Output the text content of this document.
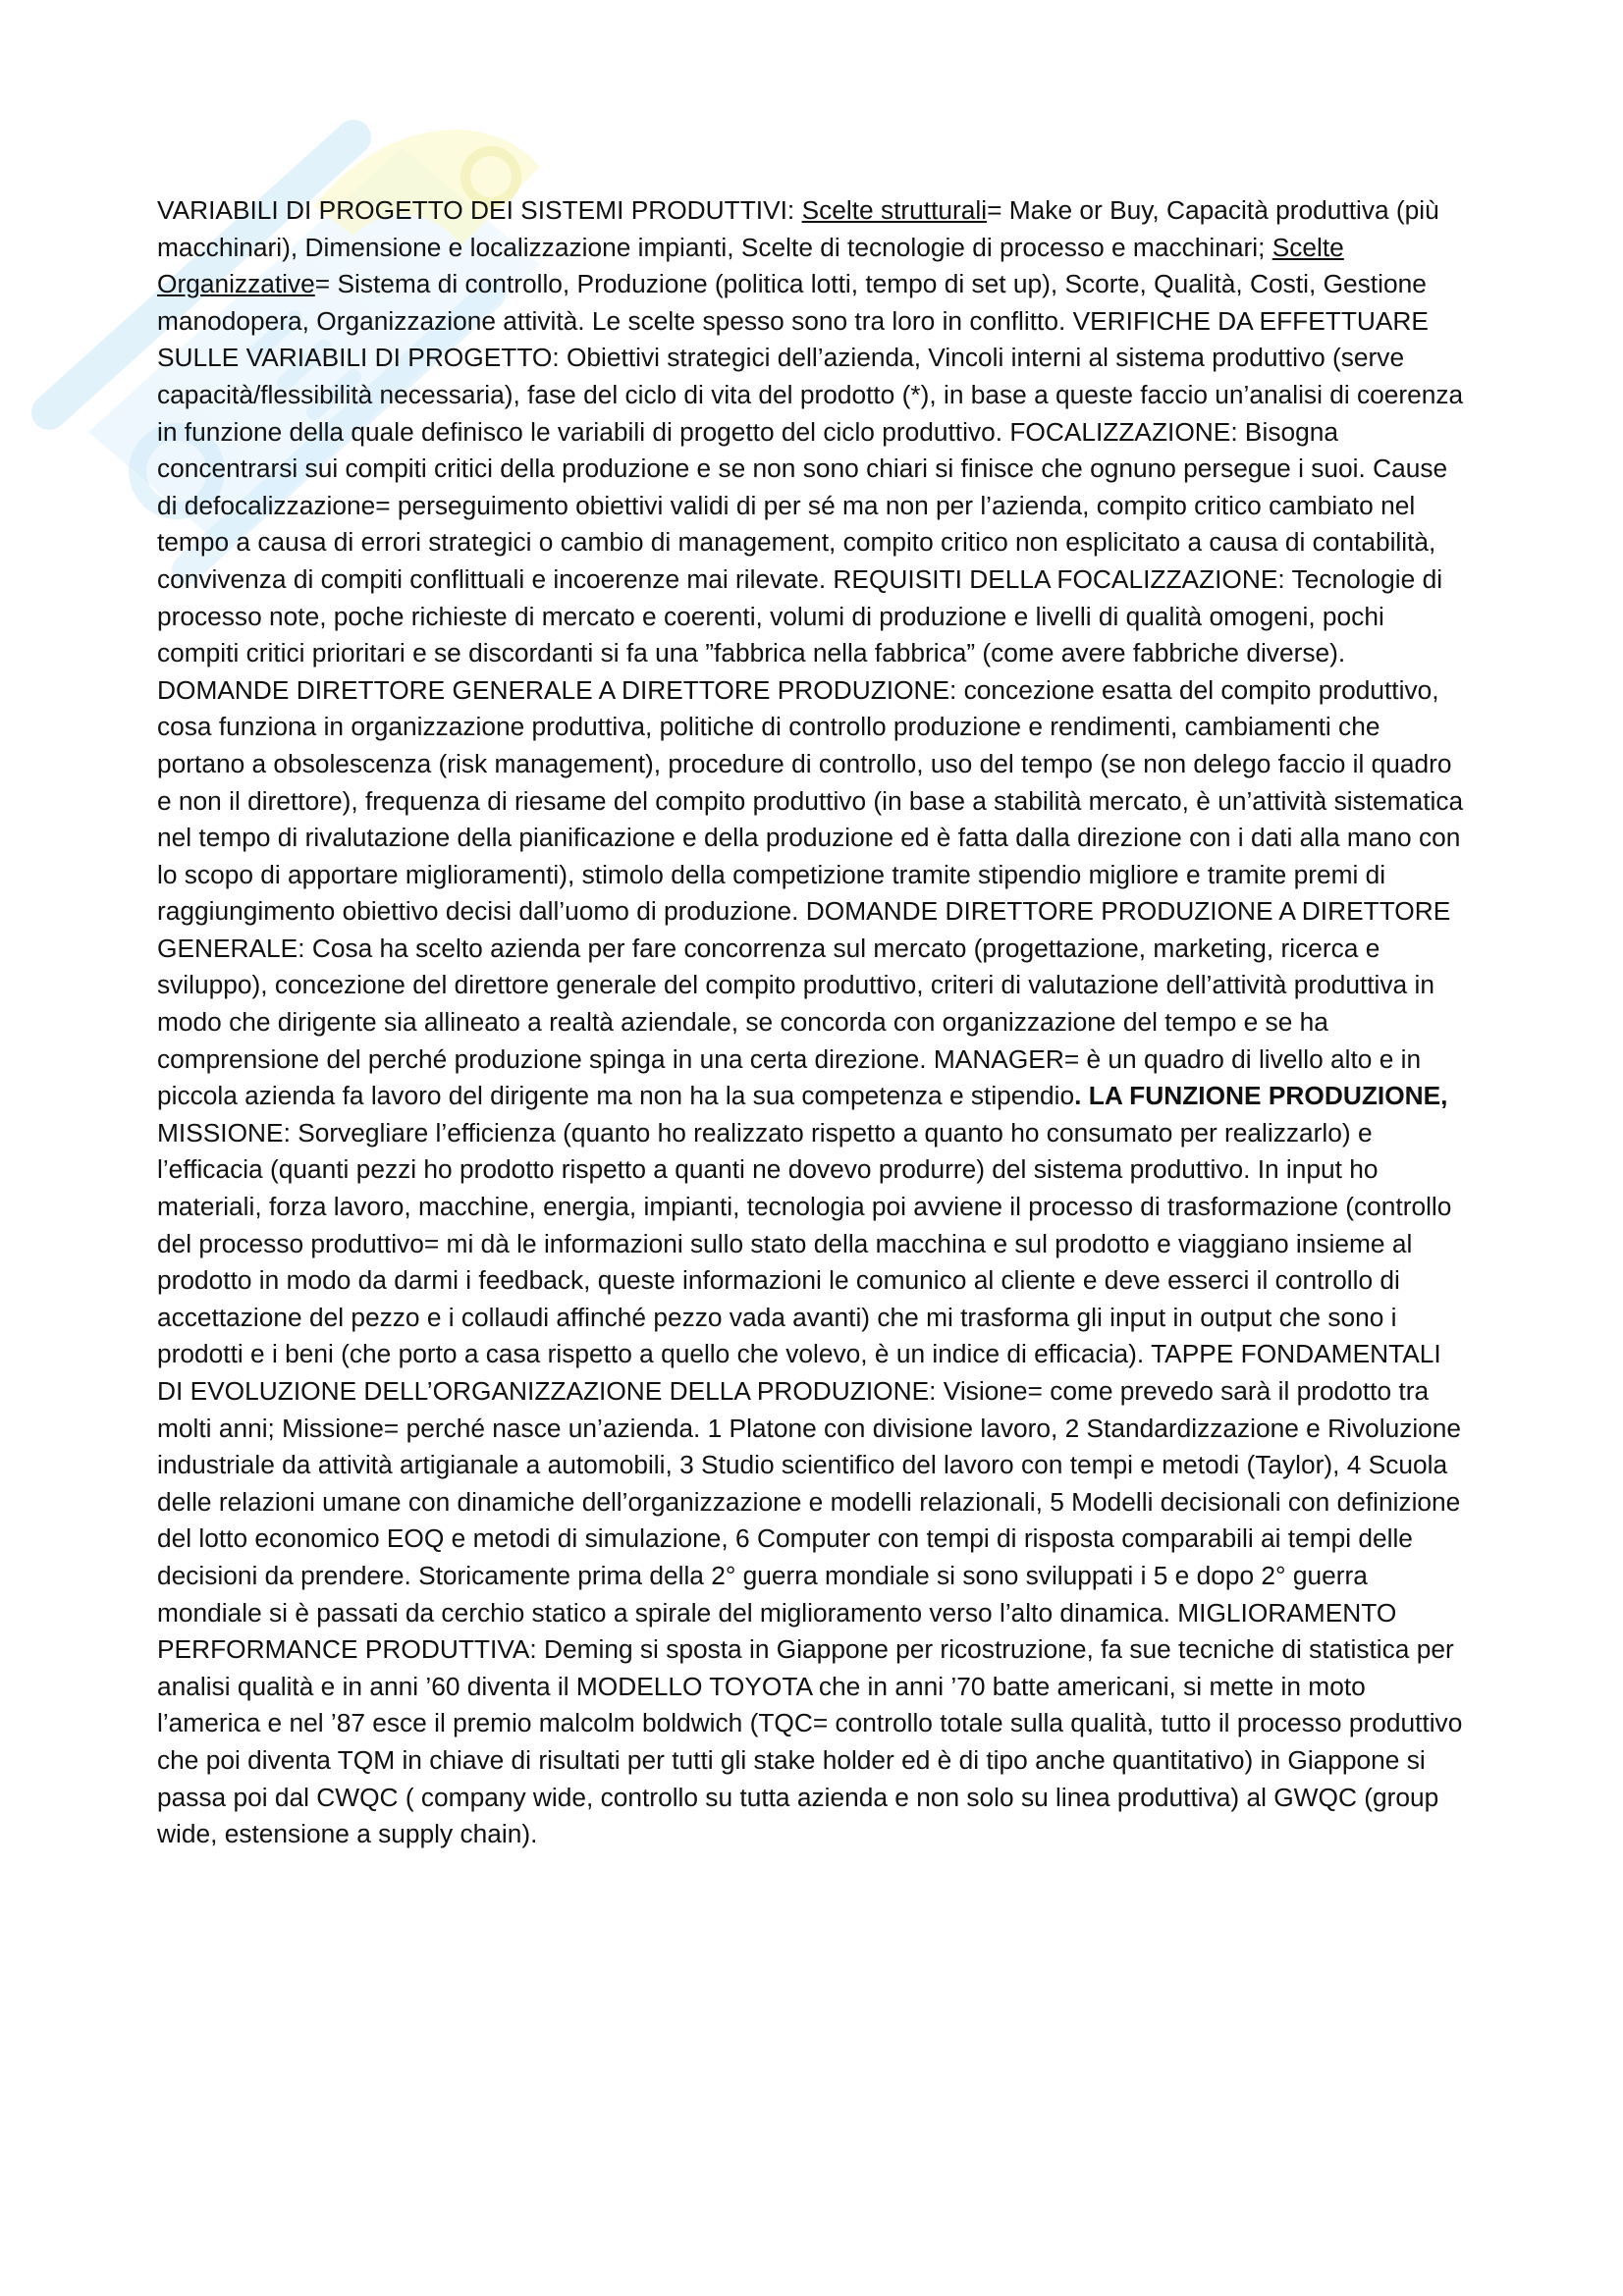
VARIABILI DI PROGETTO DEI SISTEMI PRODUTTIVI: Scelte strutturali= Make or Buy, Capacità produttiva (più macchinari), Dimensione e localizzazione impianti, Scelte di tecnologie di processo e macchinari; Scelte Organizzative= Sistema di controllo, Produzione (politica lotti, tempo di set up), Scorte, Qualità, Costi, Gestione manodopera, Organizzazione attività. Le scelte spesso sono tra loro in conflitto. VERIFICHE DA EFFETTUARE SULLE VARIABILI DI PROGETTO: Obiettivi strategici dell’azienda, Vincoli interni al sistema produttivo (serve capacità/flessibilità necessaria), fase del ciclo di vita del prodotto (*), in base a queste faccio un’analisi di coerenza in funzione della quale definisco le variabili di progetto del ciclo produttivo. FOCALIZZAZIONE: Bisogna concentrarsi sui compiti critici della produzione e se non sono chiari si finisce che ognuno persegue i suoi. Cause di defocalizzazione= perseguimento obiettivi validi di per sé ma non per l’azienda, compito critico cambiato nel tempo a causa di errori strategici o cambio di management, compito critico non esplicitato a causa di contabilità, convivenza di compiti conflittuali e incoerenze mai rilevate. REQUISITI DELLA FOCALIZZAZIONE: Tecnologie di processo note, poche richieste di mercato e coerenti, volumi di produzione e livelli di qualità omogeni, pochi compiti critici prioritari e se discordanti si fa una ”fabbrica nella fabbrica” (come avere fabbriche diverse). DOMANDE DIRETTORE GENERALE A DIRETTORE PRODUZIONE: concezione esatta del compito produttivo, cosa funziona in organizzazione produttiva, politiche di controllo produzione e rendimenti, cambiamenti che portano a obsolescenza (risk management), procedure di controllo, uso del tempo (se non delego faccio il quadro e non il direttore), frequenza di riesame del compito produttivo (in base a stabilità mercato, è un’attività sistematica nel tempo di rivalutazione della pianificazione e della produzione ed è fatta dalla direzione con i dati alla mano con lo scopo di apportare miglioramenti), stimolo della competizione tramite stipendio migliore e tramite premi di raggiungimento obiettivo decisi dall’uomo di produzione. DOMANDE DIRETTORE PRODUZIONE A DIRETTORE GENERALE: Cosa ha scelto azienda per fare concorrenza sul mercato (progettazione, marketing, ricerca e sviluppo), concezione del direttore generale del compito produttivo, criteri di valutazione dell’attività produttiva in modo che dirigente sia allineato a realtà aziendale, se concorda con organizzazione del tempo e se ha comprensione del perché produzione spinga in una certa direzione. MANAGER= è un quadro di livello alto e in piccola azienda fa lavoro del dirigente ma non ha la sua competenza e stipendio. LA FUNZIONE PRODUZIONE, MISSIONE: Sorvegliare l’efficienza (quanto ho realizzato rispetto a quanto ho consumato per realizzarlo) e l’efficacia (quanti pezzi ho prodotto rispetto a quanti ne dovevo produrre) del sistema produttivo. In input ho materiali, forza lavoro, macchine, energia, impianti, tecnologia poi avviene il processo di trasformazione (controllo del processo produttivo= mi dà le informazioni sullo stato della macchina e sul prodotto e viaggiano insieme al prodotto in modo da darmi i feedback, queste informazioni le comunico al cliente e deve esserci il controllo di accettazione del pezzo e i collaudi affinché pezzo vada avanti) che mi trasforma gli input in output che sono i prodotti e i beni (che porto a casa rispetto a quello che volevo, è un indice di efficacia). TAPPE FONDAMENTALI DI EVOLUZIONE DELL’ORGANIZZAZIONE DELLA PRODUZIONE: Visione= come prevedo sarà il prodotto tra molti anni; Missione= perché nasce un’azienda. 1 Platone con divisione lavoro, 2 Standardizzazione e Rivoluzione industriale da attività artigianale a automobili, 3 Studio scientifico del lavoro con tempi e metodi (Taylor), 4 Scuola delle relazioni umane con dinamiche dell’organizzazione e modelli relazionali, 5 Modelli decisionali con definizione del lotto economico EOQ e metodi di simulazione, 6 Computer con tempi di risposta comparabili ai tempi delle decisioni da prendere. Storicamente prima della 2° guerra mondiale si sono sviluppati i 5 e dopo 2° guerra mondiale si è passati da cerchio statico a spirale del miglioramento verso l’alto dinamica. MIGLIORAMENTO PERFORMANCE PRODUTTIVA: Deming si sposta in Giappone per ricostruzione, fa sue tecniche di statistica per analisi qualità e in anni ’60 diventa il MODELLO TOYOTA che in anni ’70 batte americani, si mette in moto l’america e nel ’87 esce il premio malcolm boldwich (TQC= controllo totale sulla qualità, tutto il processo produttivo che poi diventa TQM in chiave di risultati per tutti gli stake holder ed è di tipo anche quantitativo) in Giappone si passa poi dal CWQC ( company wide, controllo su tutta azienda e non solo su linea produttiva) al GWQC (group wide, estensione a supply chain).
